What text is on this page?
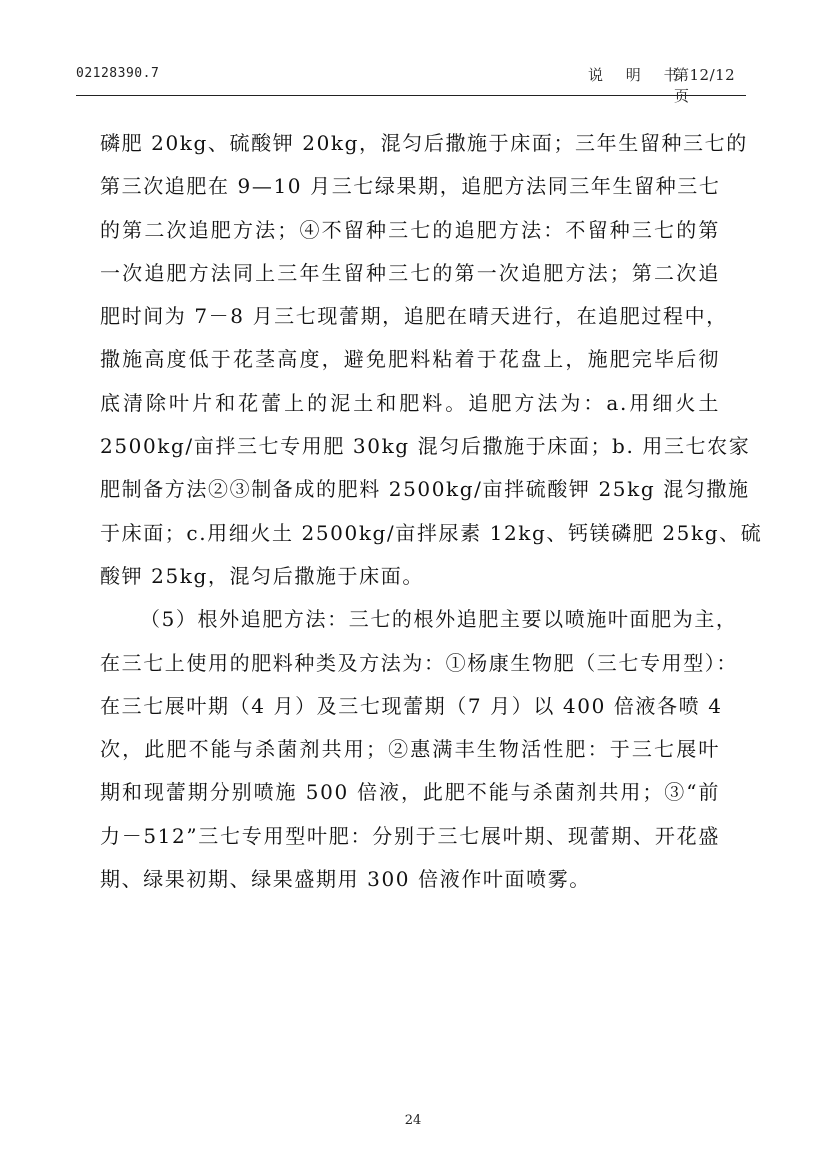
02128390.7	说 明 书
第12/12页
磷肥 20kg、硫酸钾 20kg，混匀后撒施于床面；三年生留种三七的
第三次追肥在 9—10 月三七绿果期，追肥方法同三年生留种三七
的第二次追肥方法；④不留种三七的追肥方法：不留种三七的第
一次追肥方法同上三年生留种三七的第一次追肥方法；第二次追
肥时间为 7－8 月三七现蕾期，追肥在晴天进行，在追肥过程中，
撒施高度低于花茎高度，避免肥料粘着于花盘上，施肥完毕后彻
底清除叶片和花蕾上的泥土和肥料。追肥方法为：a.用细火土
2500kg/亩拌三七专用肥 30kg 混匀后撒施于床面；b. 用三七农家
肥制备方法②③制备成的肥料 2500kg/亩拌硫酸钾 25kg 混匀撒施
于床面；c.用细火土 2500kg/亩拌尿素 12kg、钙镁磷肥 25kg、硫
酸钾 25kg，混匀后撒施于床面。
（5）根外追肥方法：三七的根外追肥主要以喷施叶面肥为主，
在三七上使用的肥料种类及方法为：①杨康生物肥（三七专用型）：
在三七展叶期（4 月）及三七现蕾期（7 月）以 400 倍液各喷 4
次，此肥不能与杀菌剂共用；②惠满丰生物活性肥：于三七展叶
期和现蕾期分别喷施 500 倍液，此肥不能与杀菌剂共用；③“前
力－512”三七专用型叶肥：分别于三七展叶期、现蕾期、开花盛
期、绿果初期、绿果盛期用 300 倍液作叶面喷雾。
24
